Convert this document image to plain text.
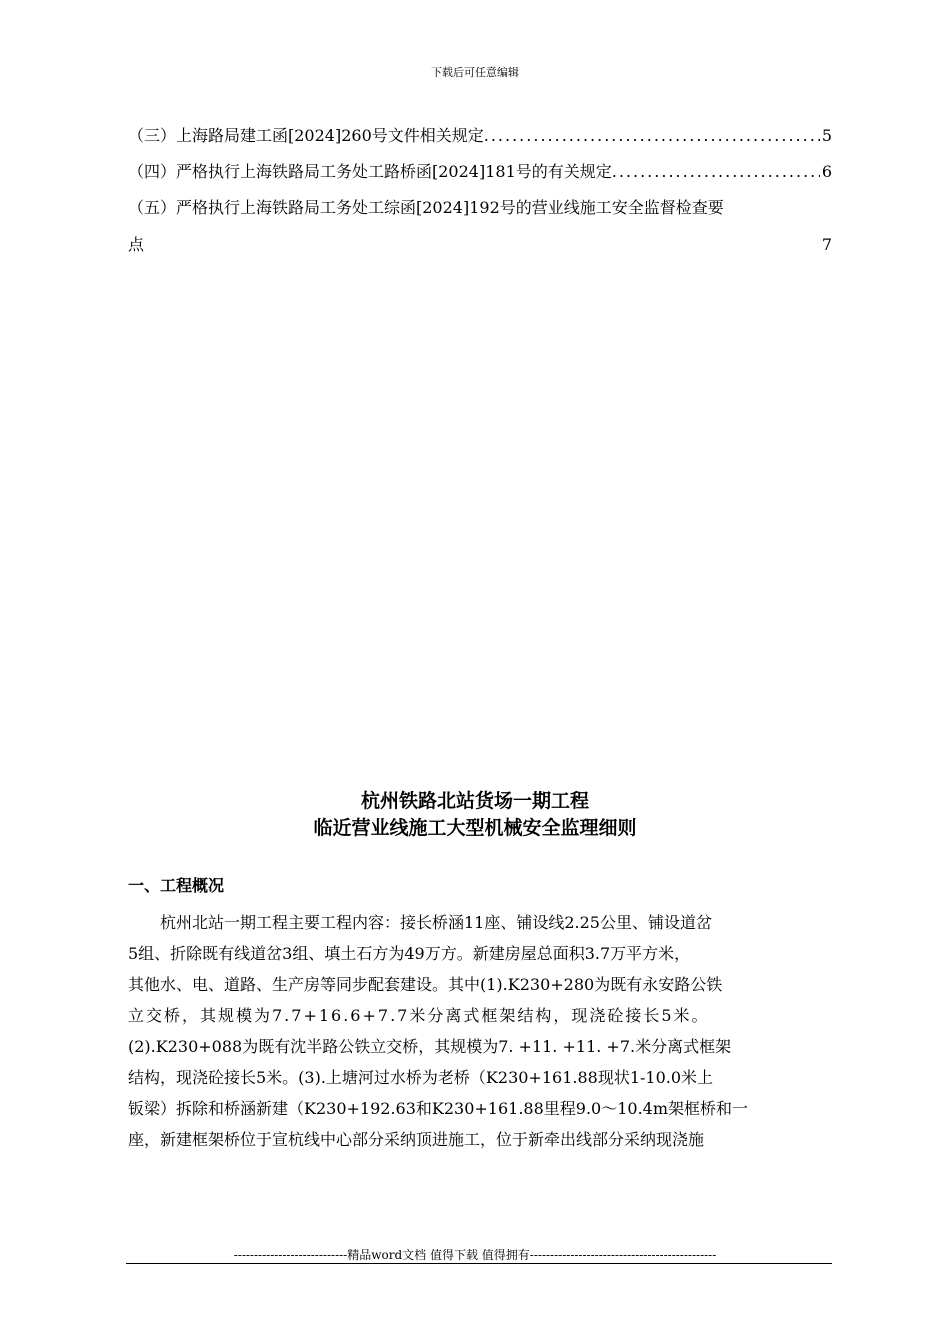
下载后可任意编辑
（三）上海路局建工函[2024]260号文件相关规定 .....	5
（四）严格执行上海铁路局工务处工路桥函[2024]181号的有关规定 .....	6
（五）严格执行上海铁路局工务处工综函[2024]192号的营业线施工安全监督检查要
点	7
杭州铁路北站货场一期工程
临近营业线施工大型机械安全监理细则
一、工程概况
　　杭州北站一期工程主要工程内容：接长桥涵11座、铺设线2.25公里、铺设道岔
5组、折除既有线道岔3组、填土石方为49万方。新建房屋总面积3.7万平方米，
其他水、电、道路、生产房等同步配套建设。其中(1).K230+280为既有永安路公铁
立交桥，其规模为7.7+16.6+7.7米分离式框架结构，现浇砼接长5米。
(2).K230+088为既有沈半路公铁立交桥，其规模为7. +11. +11. +7.米分离式框架
结构，现浇砼接长5米。(3).上塘河过水桥为老桥（K230+161.88现状1-10.0米上
钣梁）拆除和桥涵新建（K230+192.63和K230+161.88里程9.0～10.4m架框桥和一
座，新建框架桥位于宣杭线中心部分采纳顶进施工，位于新牵出线部分采纳现浇施
----------------------------精品word文档 值得下载 值得拥有----------------------------------------------
